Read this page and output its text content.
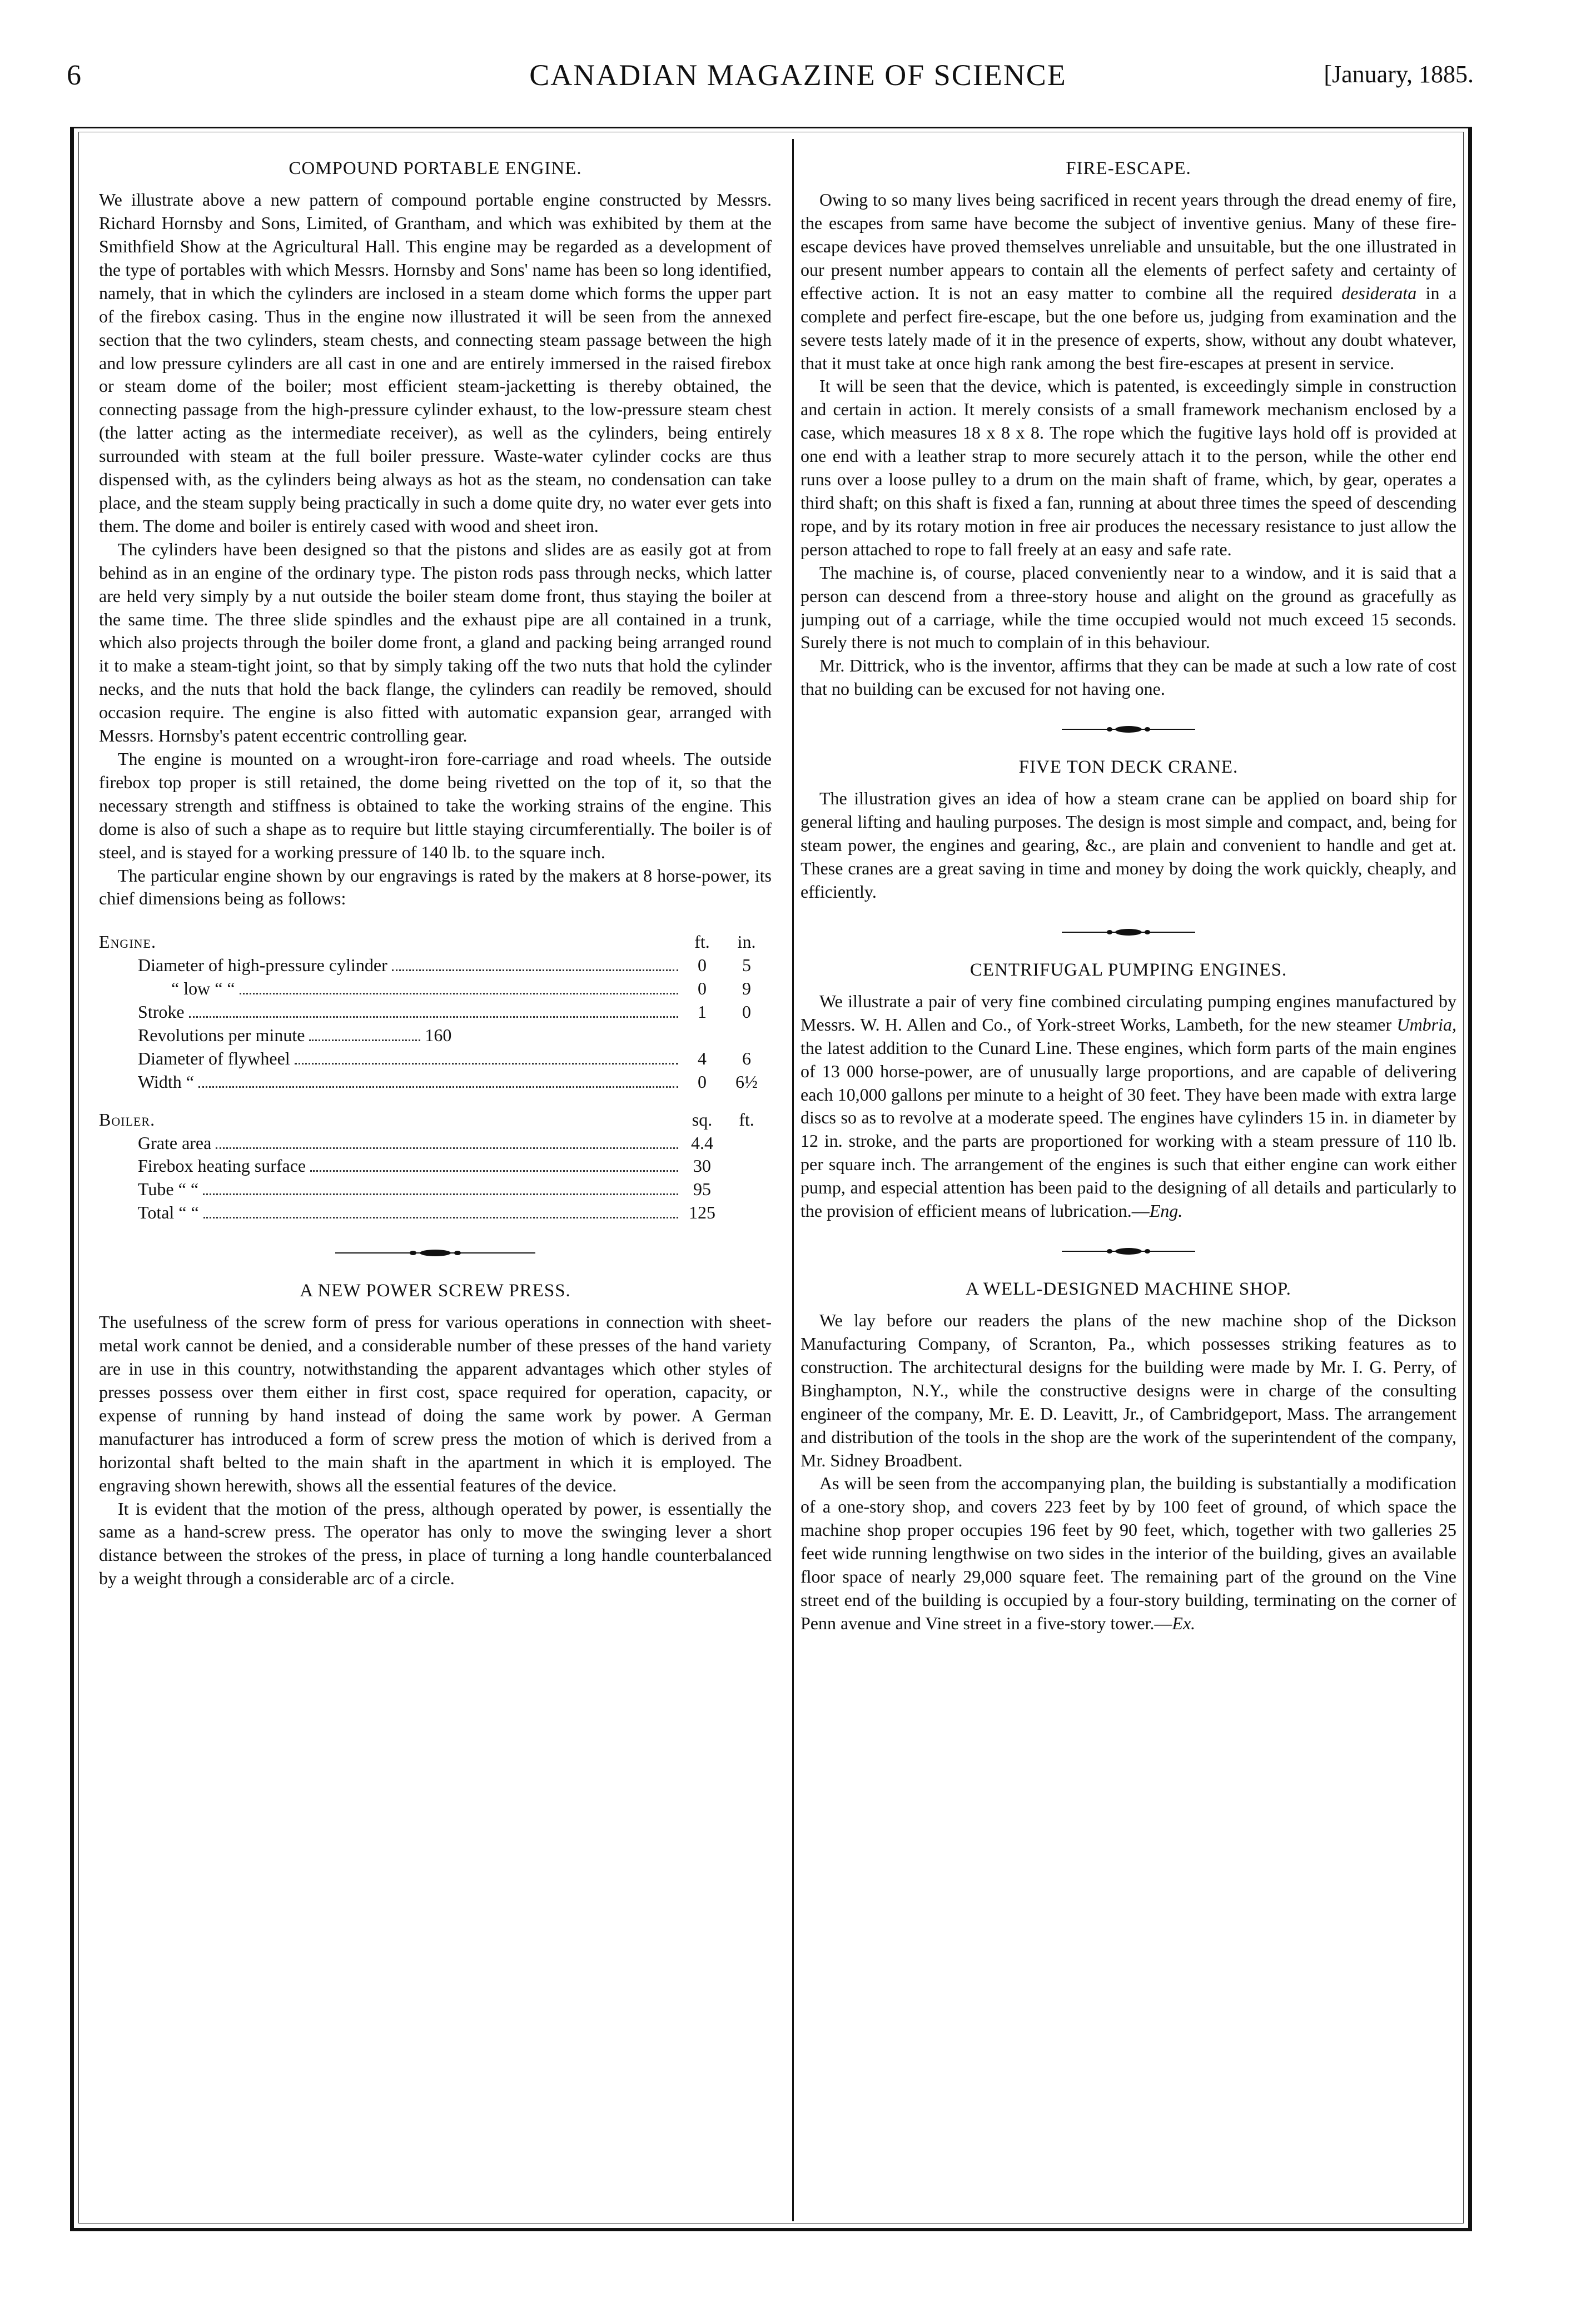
6	CANADIAN MAGAZINE OF SCIENCE	[January, 1885.
COMPOUND PORTABLE ENGINE.

We illustrate above a new pattern of compound portable engine constructed by Messrs. Richard Hornsby and Sons, Limited, of Grantham, and which was exhibited by them at the Smithfield Show at the Agricultural Hall. This engine may be regarded as a development of the type of portables with which Messrs. Hornsby and Sons' name has been so long identified, namely, that in which the cylinders are inclosed in a steam dome which forms the upper part of the firebox casing. Thus in the engine now illustrated it will be seen from the annexed section that the two cylinders, steam chests, and connecting steam passage between the high and low pressure cylinders are all cast in one and are entirely immersed in the raised firebox or steam dome of the boiler; most efficient steam-jacketting is thereby obtained, the connecting passage from the high-pressure cylinder exhaust, to the low-pressure steam chest (the latter acting as the intermediate receiver), as well as the cylinders, being entirely surrounded with steam at the full boiler pressure. Waste-water cylinder cocks are thus dispensed with, as the cylinders being always as hot as the steam, no condensation can take place, and the steam supply being practically in such a dome quite dry, no water ever gets into them. The dome and boiler is entirely cased with wood and sheet iron.

The cylinders have been designed so that the pistons and slides are as easily got at from behind as in an engine of the ordinary type. The piston rods pass through necks, which latter are held very simply by a nut outside the boiler steam dome front, thus staying the boiler at the same time. The three slide spindles and the exhaust pipe are all contained in a trunk, which also projects through the boiler dome front, a gland and packing being arranged round it to make a steam-tight joint, so that by simply taking off the two nuts that hold the cylinder necks, and the nuts that hold the back flange, the cylinders can readily be removed, should occasion require. The engine is also fitted with automatic expansion gear, arranged with Messrs. Hornsby's patent eccentric controlling gear.

The engine is mounted on a wrought-iron fore-carriage and road wheels. The outside firebox top proper is still retained, the dome being rivetted on the top of it, so that the necessary strength and stiffness is obtained to take the working strains of the engine. This dome is also of such a shape as to require but little staying circumferentially. The boiler is of steel, and is stayed for a working pressure of 140 lb. to the square inch.

The particular engine shown by our engravings is rated by the makers at 8 horse-power, its chief dimensions being as follows:

Engine.	ft.	in.
Diameter of high-pressure cylinder	0	5
“ low “ “	0	9
Stroke	1	0
Revolutions per minute	160
Diameter of flywheel	4	6
Width “	0	6½
Boiler.	sq.	ft.
Grate area	4.4
Firebox heating surface	30
Tube “ “	95
Total “ “	125
A NEW POWER SCREW PRESS.

The usefulness of the screw form of press for various operations in connection with sheet-metal work cannot be denied, and a considerable number of these presses of the hand variety are in use in this country, notwithstanding the apparent advantages which other styles of presses possess over them either in first cost, space required for operation, capacity, or expense of running by hand instead of doing the same work by power. A German manufacturer has introduced a form of screw press the motion of which is derived from a horizontal shaft belted to the main shaft in the apartment in which it is employed. The engraving shown herewith, shows all the essential features of the device.

It is evident that the motion of the press, although operated by power, is essentially the same as a hand-screw press. The operator has only to move the swinging lever a short distance between the strokes of the press, in place of turning a long handle counterbalanced by a weight through a considerable arc of a circle.

FIRE-ESCAPE.

Owing to so many lives being sacrificed in recent years through the dread enemy of fire, the escapes from same have become the subject of inventive genius. Many of these fire-escape devices have proved themselves unreliable and unsuitable, but the one illustrated in our present number appears to contain all the elements of perfect safety and certainty of effective action. It is not an easy matter to combine all the required desiderata in a complete and perfect fire-escape, but the one before us, judging from examination and the severe tests lately made of it in the presence of experts, show, without any doubt whatever, that it must take at once high rank among the best fire-escapes at present in service.

It will be seen that the device, which is patented, is exceedingly simple in construction and certain in action. It merely consists of a small framework mechanism enclosed by a case, which measures 18 x 8 x 8. The rope which the fugitive lays hold off is provided at one end with a leather strap to more securely attach it to the person, while the other end runs over a loose pulley to a drum on the main shaft of frame, which, by gear, operates a third shaft; on this shaft is fixed a fan, running at about three times the speed of descending rope, and by its rotary motion in free air produces the necessary resistance to just allow the person attached to rope to fall freely at an easy and safe rate.

The machine is, of course, placed conveniently near to a window, and it is said that a person can descend from a three-story house and alight on the ground as gracefully as jumping out of a carriage, while the time occupied would not much exceed 15 seconds. Surely there is not much to complain of in this behaviour.

Mr. Dittrick, who is the inventor, affirms that they can be made at such a low rate of cost that no building can be excused for not having one.

FIVE TON DECK CRANE.

The illustration gives an idea of how a steam crane can be applied on board ship for general lifting and hauling purposes. The design is most simple and compact, and, being for steam power, the engines and gearing, &c., are plain and convenient to handle and get at. These cranes are a great saving in time and money by doing the work quickly, cheaply, and efficiently.

CENTRIFUGAL PUMPING ENGINES.

We illustrate a pair of very fine combined circulating pumping engines manufactured by Messrs. W. H. Allen and Co., of York-street Works, Lambeth, for the new steamer Umbria, the latest addition to the Cunard Line. These engines, which form parts of the main engines of 13 000 horse-power, are of unusually large proportions, and are capable of delivering each 10,000 gallons per minute to a height of 30 feet. They have been made with extra large discs so as to revolve at a moderate speed. The engines have cylinders 15 in. in diameter by 12 in. stroke, and the parts are proportioned for working with a steam pressure of 110 lb. per square inch. The arrangement of the engines is such that either engine can work either pump, and especial attention has been paid to the designing of all details and particularly to the provision of efficient means of lubrication.—Eng.

A WELL-DESIGNED MACHINE SHOP.

We lay before our readers the plans of the new machine shop of the Dickson Manufacturing Company, of Scranton, Pa., which possesses striking features as to construction. The architectural designs for the building were made by Mr. I. G. Perry, of Binghampton, N.Y., while the constructive designs were in charge of the consulting engineer of the company, Mr. E. D. Leavitt, Jr., of Cambridgeport, Mass. The arrangement and distribution of the tools in the shop are the work of the superintendent of the company, Mr. Sidney Broadbent.

As will be seen from the accompanying plan, the building is substantially a modification of a one-story shop, and covers 223 feet by by 100 feet of ground, of which space the machine shop proper occupies 196 feet by 90 feet, which, together with two galleries 25 feet wide running lengthwise on two sides in the interior of the building, gives an available floor space of nearly 29,000 square feet. The remaining part of the ground on the Vine street end of the building is occupied by a four-story building, terminating on the corner of Penn avenue and Vine street in a five-story tower.—Ex.
